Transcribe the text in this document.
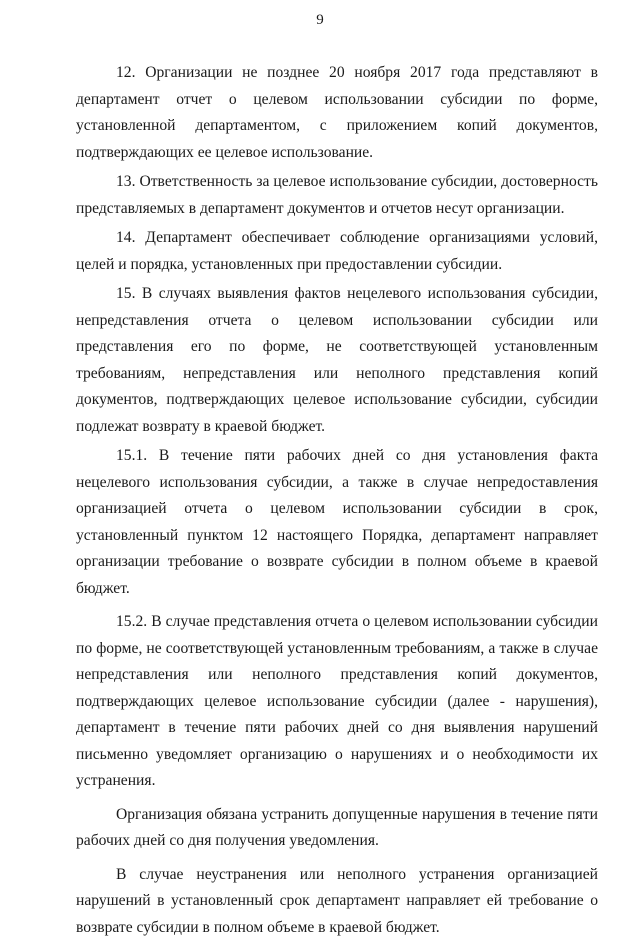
9

12. Организации не позднее 20 ноября 2017 года представляют в департамент отчет о целевом использовании субсидии по форме, установленной департаментом, с приложением копий документов, подтверждающих ее целевое использование.

13. Ответственность за целевое использование субсидии, достоверность представляемых в департамент документов и отчетов несут организации.

14. Департамент обеспечивает соблюдение организациями условий, целей и порядка, установленных при предоставлении субсидии.

15. В случаях выявления фактов нецелевого использования субсидии, непредставления отчета о целевом использовании субсидии или представления его по форме, не соответствующей установленным требованиям, непредставления или неполного представления копий документов, подтверждающих целевое использование субсидии, субсидии подлежат возврату в краевой бюджет.

15.1. В течение пяти рабочих дней со дня установления факта нецелевого использования субсидии, а также в случае непредоставления организацией отчета о целевом использовании субсидии в срок, установленный пунктом 12 настоящего Порядка, департамент направляет организации требование о возврате субсидии в полном объеме в краевой бюджет.

15.2. В случае представления отчета о целевом использовании субсидии по форме, не соответствующей установленным требованиям, а также в случае непредставления или неполного представления копий документов, подтверждающих целевое использование субсидии (далее - нарушения), департамент в течение пяти рабочих дней со дня выявления нарушений письменно уведомляет организацию о нарушениях и о необходимости их устранения.

Организация обязана устранить допущенные нарушения в течение пяти рабочих дней со дня получения уведомления.

В случае неустранения или неполного устранения организацией нарушений в установленный срок департамент направляет ей требование о возврате субсидии в полном объеме в краевой бюджет.
